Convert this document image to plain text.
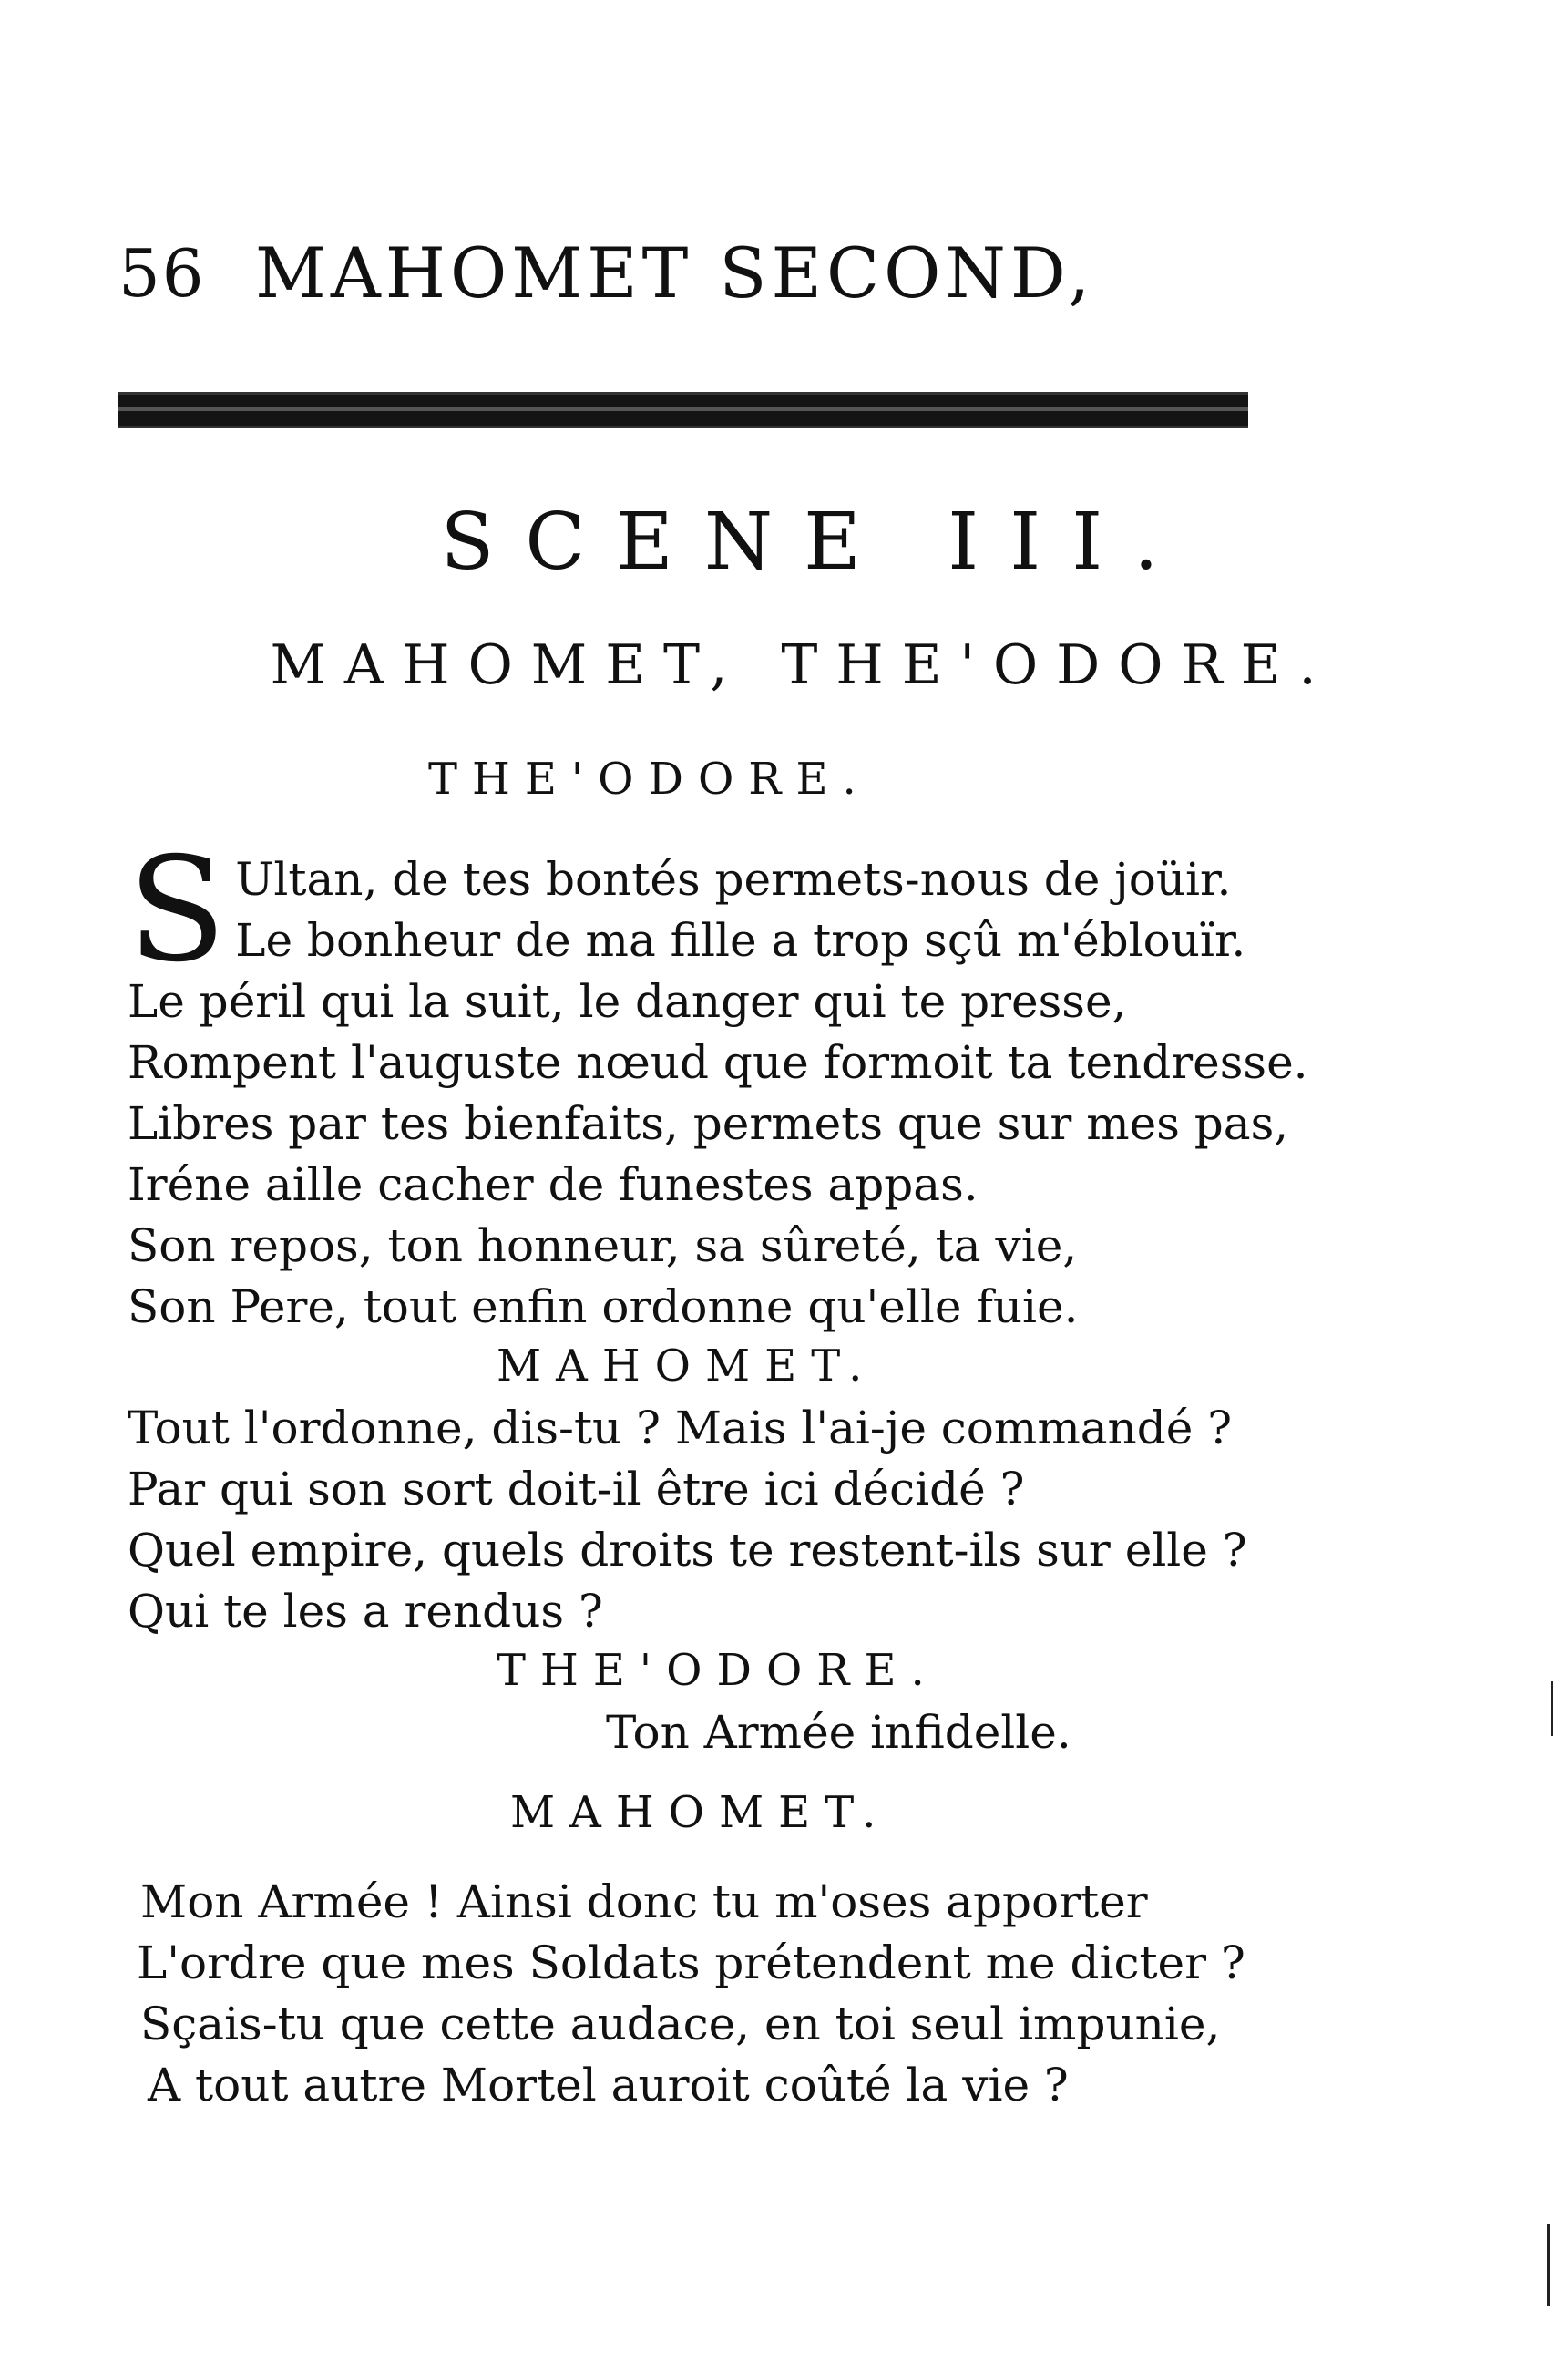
56 MAHOMET SECOND,
SCENE III.
MAHOMET, THE'ODORE.
THE'ODORE.
S Ultan, de tes bontés permets-nous de joüir.
Le bonheur de ma fille a trop sçû m'éblouïr.
Le péril qui la suit, le danger qui te presse,
Rompent l'auguste nœud que formoit ta tendresse.
Libres par tes bienfaits, permets que sur mes pas,
Iréne aille cacher de funestes appas.
Son repos, ton honneur, sa sûreté, ta vie,
Son Pere, tout enfin ordonne qu'elle fuie.
MAHOMET.
Tout l'ordonne, dis-tu ? Mais l'ai-je commandé ?
Par qui son sort doit-il être ici décidé ?
Quel empire, quels droits te restent-ils sur elle ?
Qui te les a rendus ?
THE'ODORE.
Ton Armée infidelle.
MAHOMET.
Mon Armée ! Ainsi donc tu m'oses apporter
L'ordre que mes Soldats prétendent me dicter ?
Sçais-tu que cette audace, en toi seul impunie,
A tout autre Mortel auroit coûté la vie ?
